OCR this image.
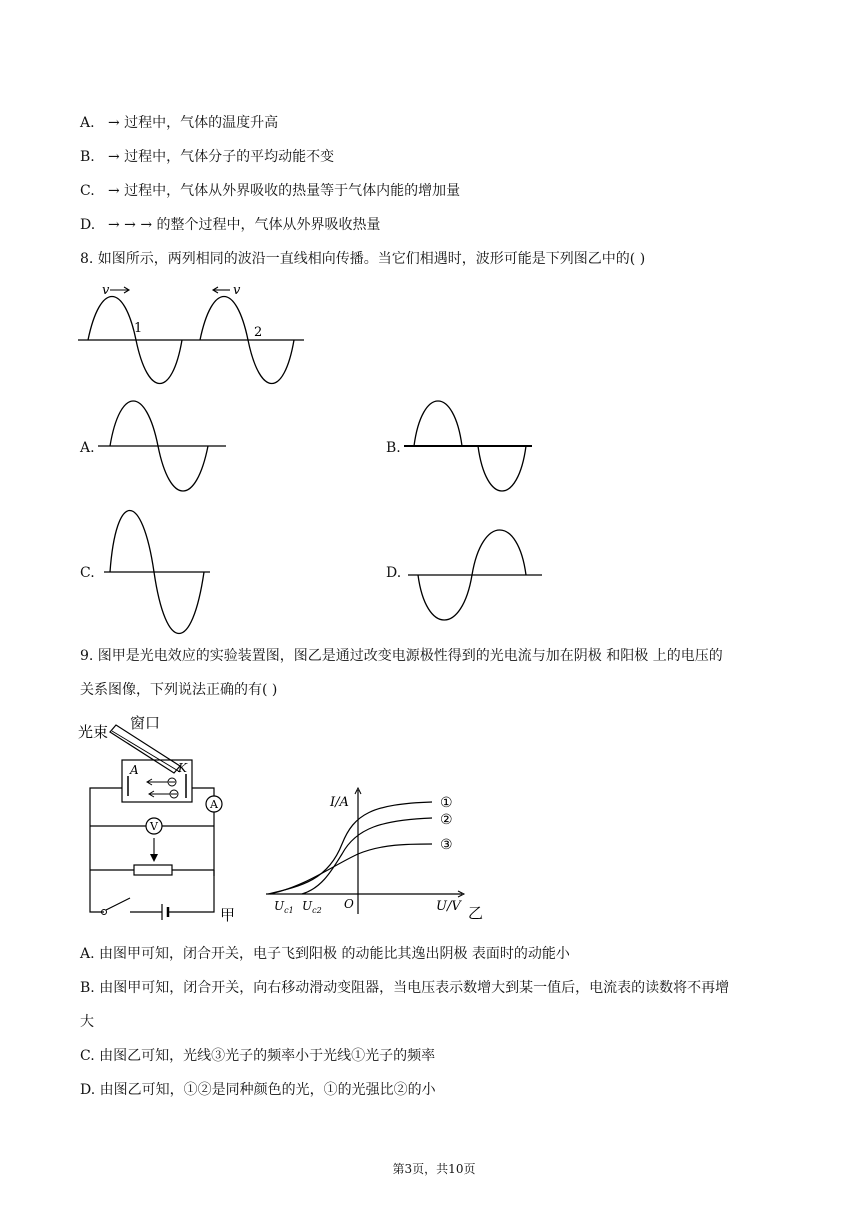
A. → 过程中，气体的温度升高
B. → 过程中，气体分子的平均动能不变
C. → 过程中，气体从外界吸收的热量等于气体内能的增加量
D. → → → 的整个过程中，气体从外界吸收热量
8. 如图所示，两列相同的波沿一直线相向传播。当它们相遇时，波形可能是下列图乙中的( )
v	v
1	2
A.	B.
C.	D.
9. 图甲是光电效应的实验装置图，图乙是通过改变电源极性得到的光电流与加在阴极 和阳极 上的电压的
关系图像，下列说法正确的有( )
光束 窗口
A	K
A
V
甲
I/A
U/V
O
$U_{c1}$ $U_{c2}$
①
②
③
乙
A. 由图甲可知，闭合开关，电子飞到阳极 的动能比其逸出阴极 表面时的动能小
B. 由图甲可知，闭合开关，向右移动滑动变阻器，当电压表示数增大到某一值后，电流表的读数将不再增
大
C. 由图乙可知，光线③光子的频率小于光线①光子的频率
D. 由图乙可知，①②是同种颜色的光，①的光强比②的小
第3页，共10页
